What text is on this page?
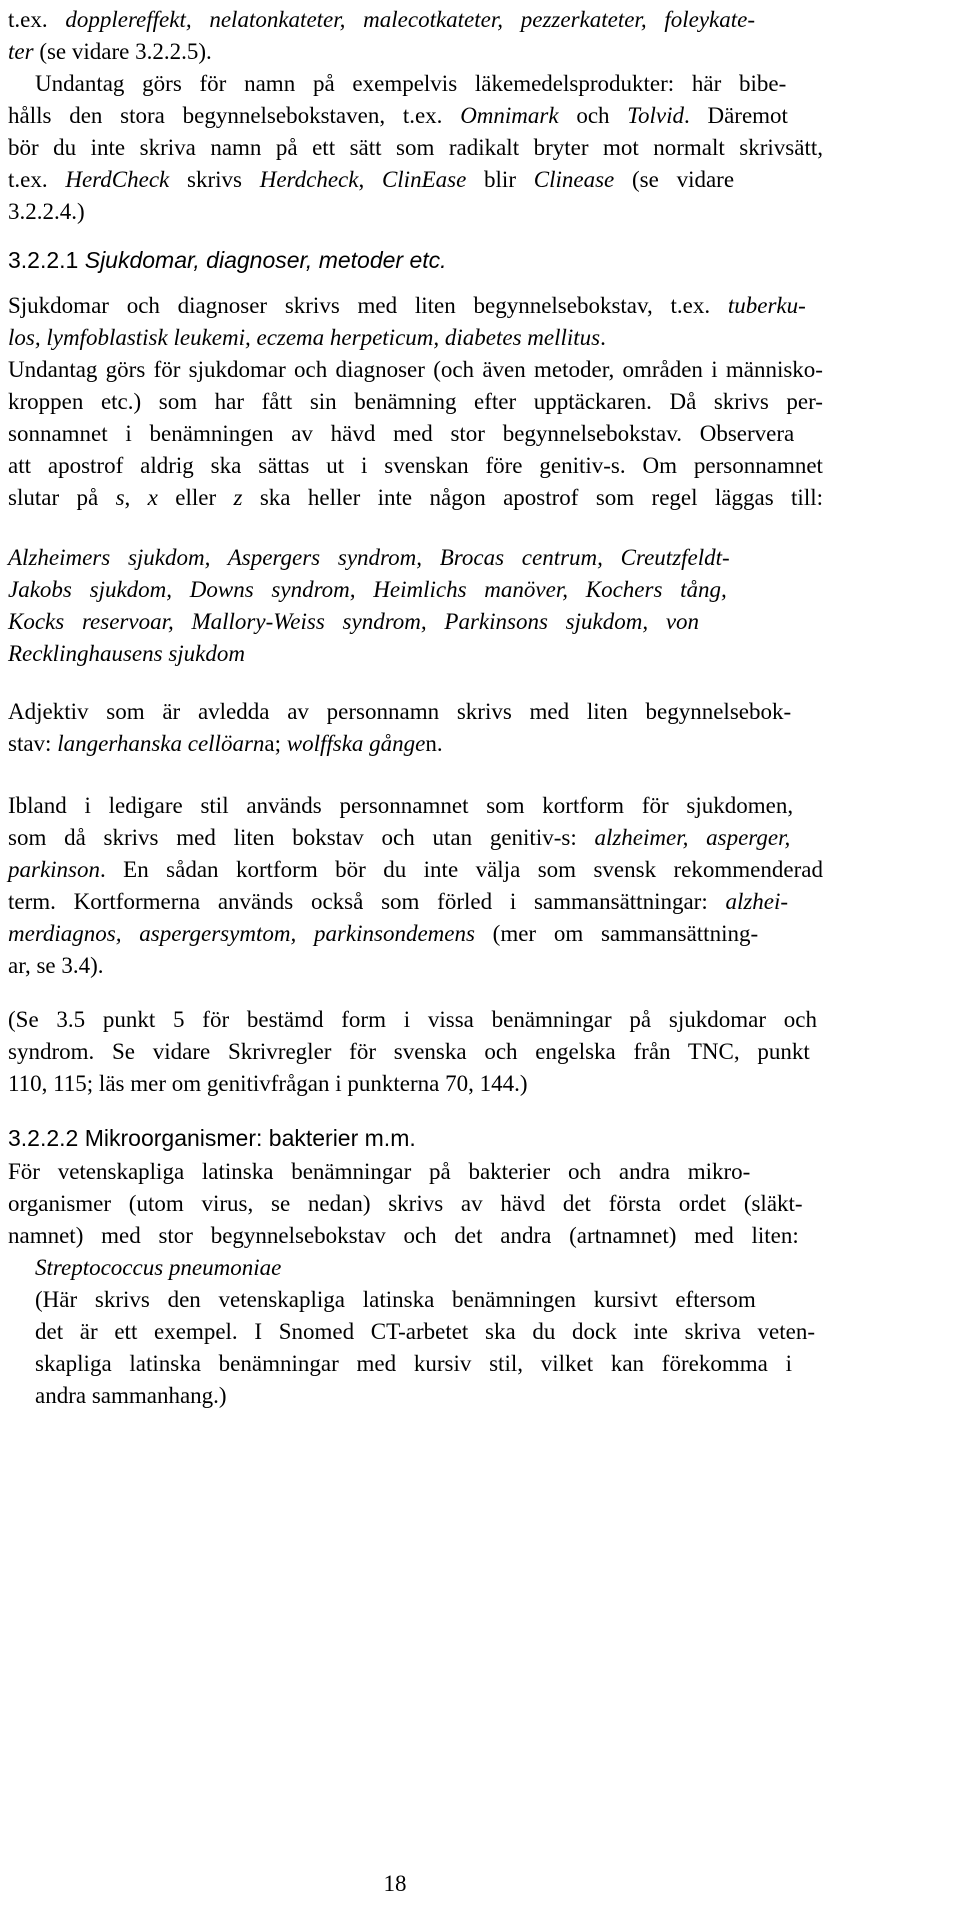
t.ex. dopplereffekt, nelatonkateter, malecotkateter, pezzerkateter, foleykate-
ter (se vidare 3.2.2.5).
Undantag görs för namn på exempelvis läkemedelsprodukter: här bibe-
hålls den stora begynnelsebokstaven, t.ex. Omnimark och Tolvid. Däremot
bör du inte skriva namn på ett sätt som radikalt bryter mot normalt skrivsätt,
t.ex. HerdCheck skrivs Herdcheck, ClinEase blir Clinease (se vidare
3.2.2.4.)
3.2.2.1 Sjukdomar, diagnoser, metoder etc.
Sjukdomar och diagnoser skrivs med liten begynnelsebokstav, t.ex. tuberku-
los, lymfoblastisk leukemi, eczema herpeticum, diabetes mellitus.
Undantag görs för sjukdomar och diagnoser (och även metoder, områden i människo-
kroppen etc.) som har fått sin benämning efter upptäckaren. Då skrivs per-
sonnamnet i benämningen av hävd med stor begynnelsebokstav. Observera
att apostrof aldrig ska sättas ut i svenskan före genitiv-s. Om personnamnet
slutar på s, x eller z ska heller inte någon apostrof som regel läggas till:
Alzheimers sjukdom, Aspergers syndrom, Brocas centrum, Creutzfeldt-
Jakobs sjukdom, Downs syndrom, Heimlichs manöver, Kochers tång,
Kocks reservoar, Mallory-Weiss syndrom, Parkinsons sjukdom, von
Recklinghausens sjukdom
Adjektiv som är avledda av personnamn skrivs med liten begynnelsebok-
stav: langerhanska cellöarna; wolffska gången.
Ibland i ledigare stil används personnamnet som kortform för sjukdomen,
som då skrivs med liten bokstav och utan genitiv-s: alzheimer, asperger,
parkinson. En sådan kortform bör du inte välja som svensk rekommenderad
term. Kortformerna används också som förled i sammansättningar: alzhei-
merdiagnos, aspergersymtom, parkinsondemens (mer om sammansättning-
ar, se 3.4).
(Se 3.5 punkt 5 för bestämd form i vissa benämningar på sjukdomar och
syndrom. Se vidare Skrivregler för svenska och engelska från TNC, punkt
110, 115; läs mer om genitivfrågan i punkterna 70, 144.)
3.2.2.2 Mikroorganismer: bakterier m.m.
För vetenskapliga latinska benämningar på bakterier och andra mikro-
organismer (utom virus, se nedan) skrivs av hävd det första ordet (släkt-
namnet) med stor begynnelsebokstav och det andra (artnamnet) med liten:
Streptococcus pneumoniae
(Här skrivs den vetenskapliga latinska benämningen kursivt eftersom
det är ett exempel. I Snomed CT-arbetet ska du dock inte skriva veten-
skapliga latinska benämningar med kursiv stil, vilket kan förekomma i
andra sammanhang.)
18
